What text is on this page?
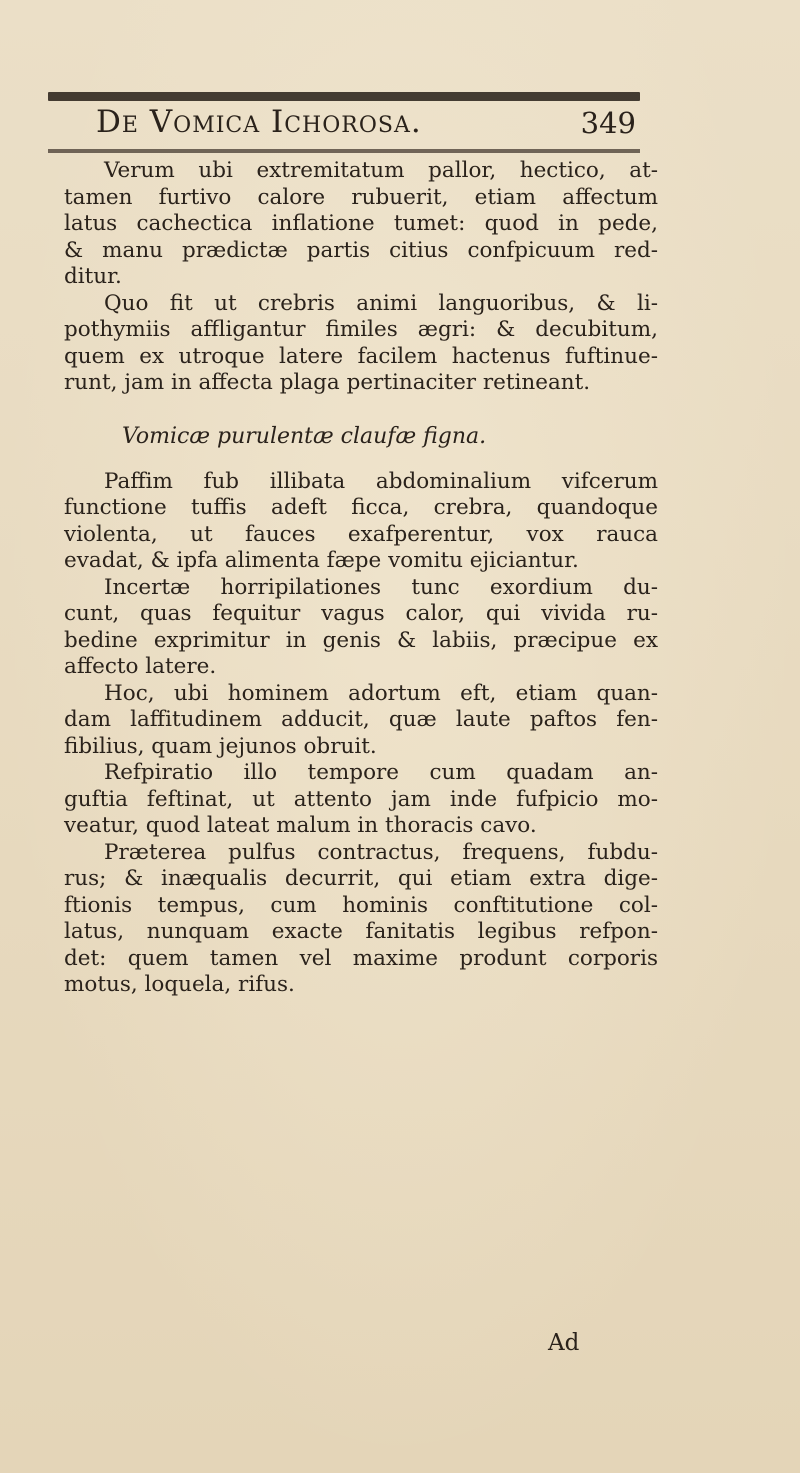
De Vomica Ichorosa.	349
Verum ubi extremitatum pallor, hectico, at-
tamen furtivo calore rubuerit, etiam affectum
latus cachectica inflatione tumet: quod in pede,
& manu prædictæ partis citius confpicuum red-
ditur.
Quo fit ut crebris animi languoribus, & li-
pothymiis affligantur fimiles ægri: & decubitum,
quem ex utroque latere facilem hactenus fuftinue-
runt, jam in affecta plaga pertinaciter retineant.
Vomicæ purulentæ claufæ figna.
Paffim fub illibata abdominalium vifcerum
functione tuffis adeft ficca, crebra, quandoque
violenta, ut fauces exafperentur, vox rauca
evadat, & ipfa alimenta fæpe vomitu ejiciantur.
Incertæ horripilationes tunc exordium du-
cunt, quas fequitur vagus calor, qui vivida ru-
bedine exprimitur in genis & labiis, præcipue ex
affecto latere.
Hoc, ubi hominem adortum eft, etiam quan-
dam laffitudinem adducit, quæ laute paftos fen-
fibilius, quam jejunos obruit.
Refpiratio illo tempore cum quadam an-
guftia feftinat, ut attento jam inde fufpicio mo-
veatur, quod lateat malum in thoracis cavo.
Præterea pulfus contractus, frequens, fubdu-
rus; & inæqualis decurrit, qui etiam extra dige-
ftionis tempus, cum hominis conftitutione col-
latus, nunquam exacte fanitatis legibus refpon-
det: quem tamen vel maxime produnt corporis
motus, loquela, rifus.
Ad
